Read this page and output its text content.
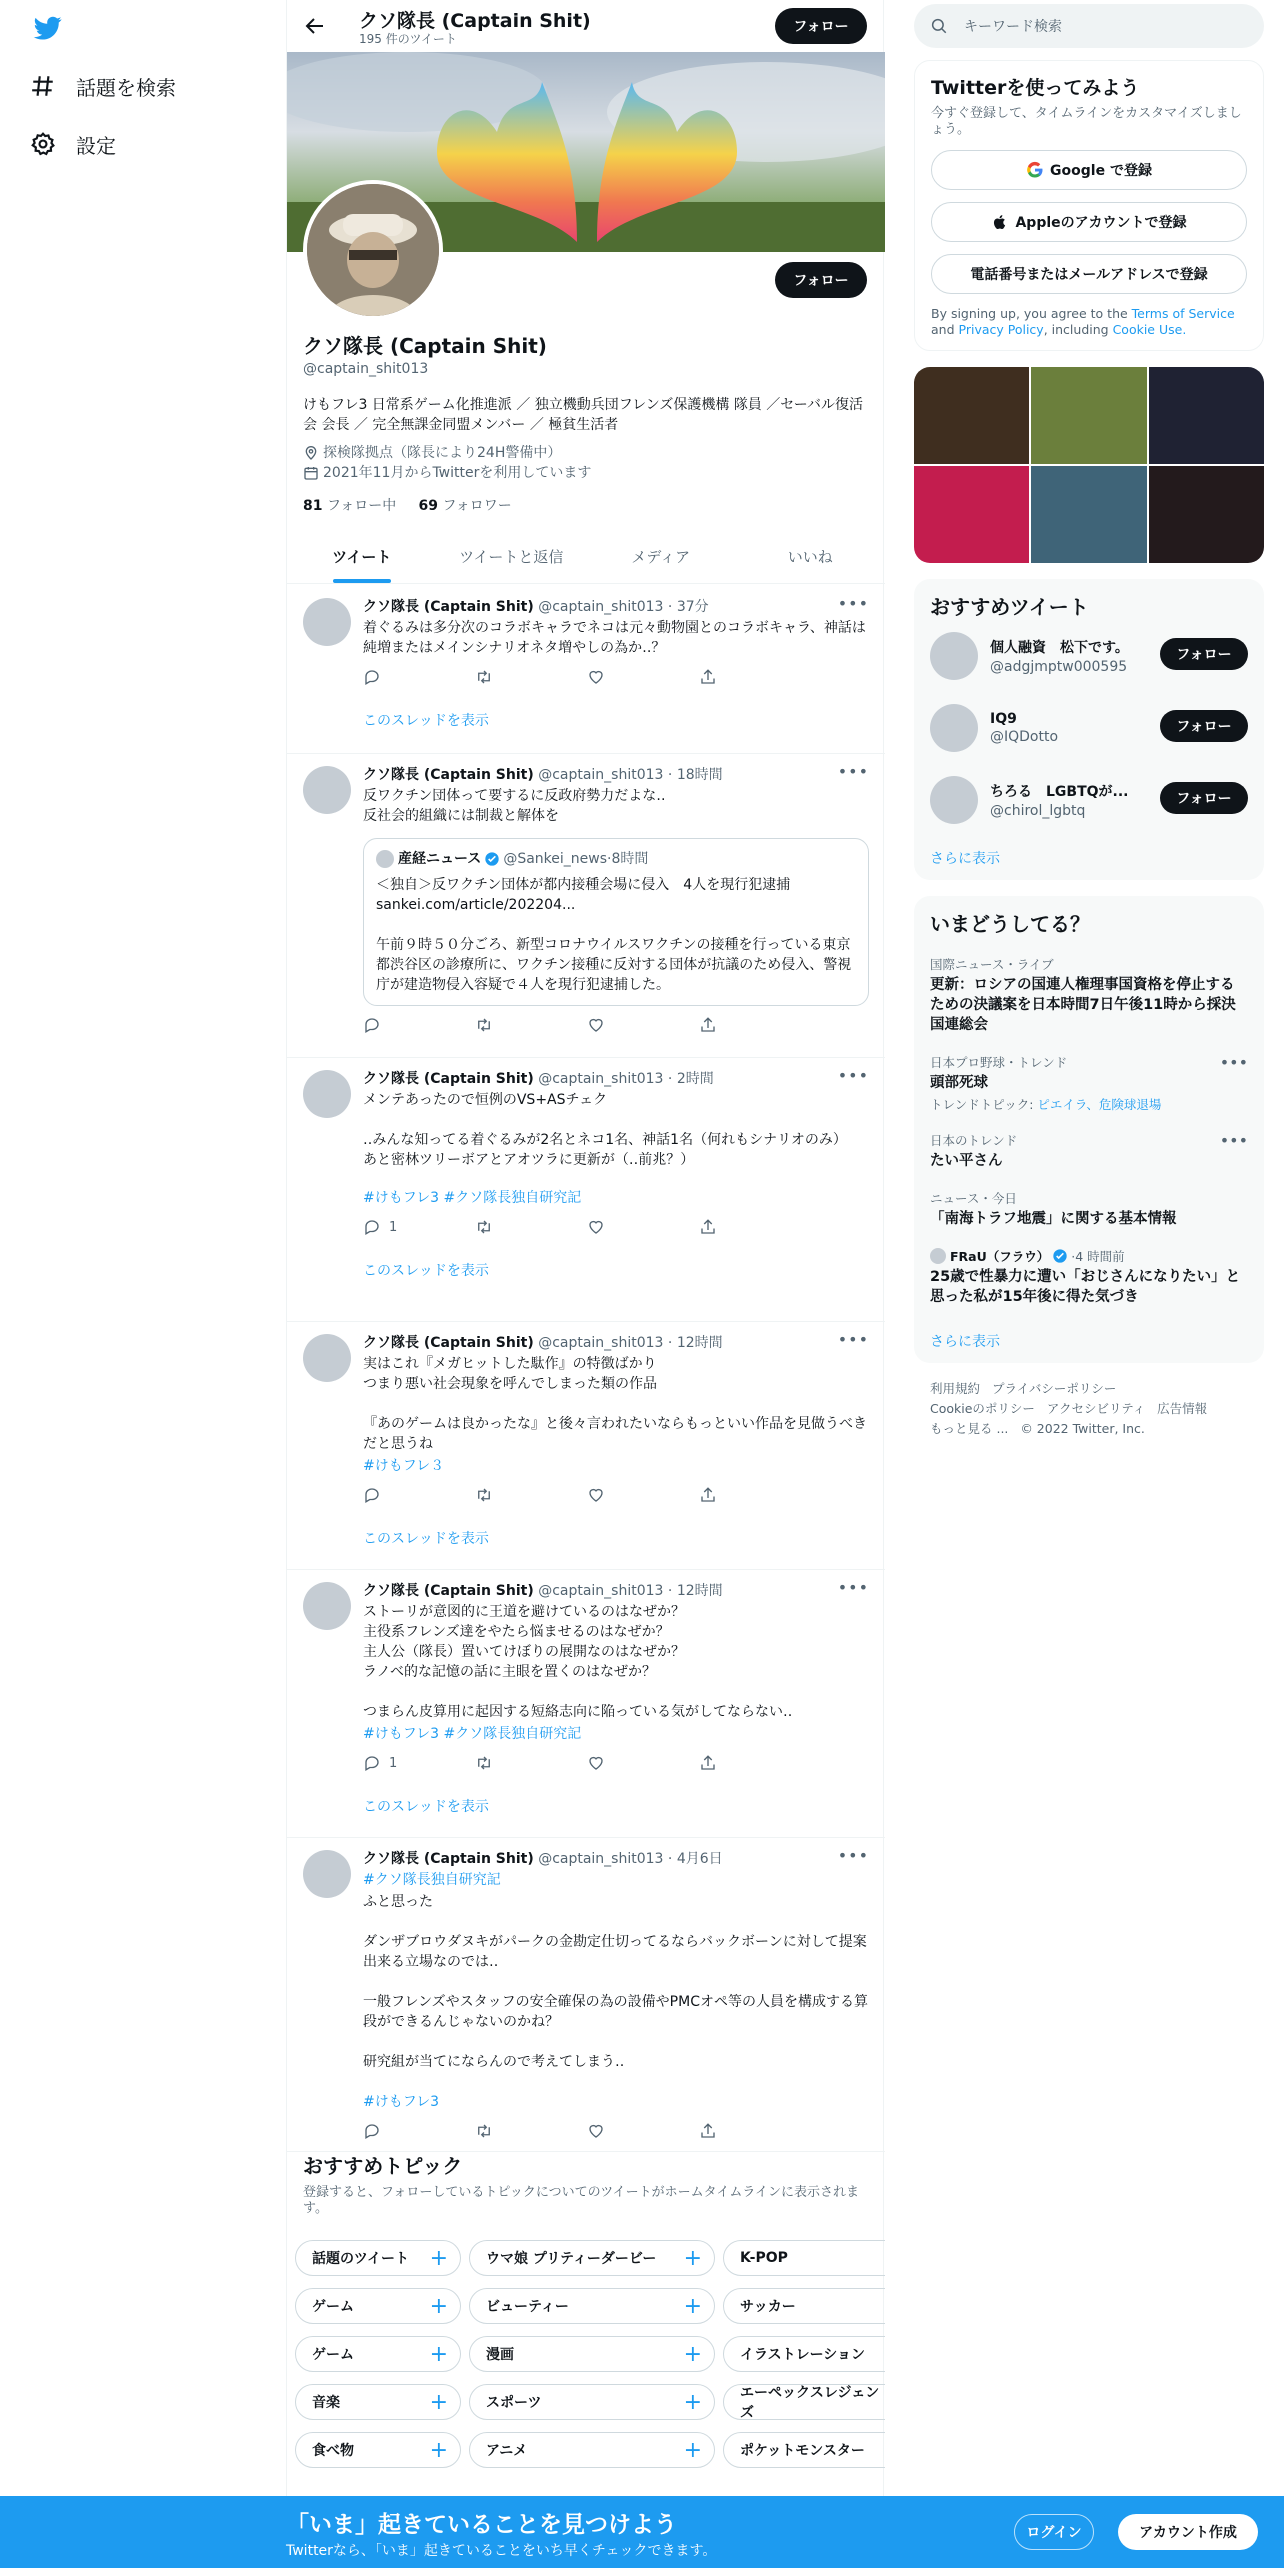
話題を検索
設定
クソ隊長 (Captain Shit)
195 件のツイート
フォロー
フォロー
クソ隊長 (Captain Shit)
@captain_shit013
けもフレ3 日常系ゲーム化推進派 ／ 独立機動兵団フレンズ保護機構 隊員 ／セーバル復活会 会長 ／ 完全無課金同盟メンバー ／ 極貧生活者
探検隊拠点（隊長により24H警備中）
2021年11月からTwitterを利用しています
81 フォロー中 69 フォロワー
ツイート	ツイートと返信	メディア	いいね
•••
クソ隊長 (Captain Shit) @captain_shit013 · 37分
着ぐるみは多分次のコラボキャラでネコは元々動物園とのコラボキャラ、神話は純増またはメインシナリオネタ増やしの為か‥？
このスレッドを表示
•••
クソ隊長 (Captain Shit) @captain_shit013 · 18時間
反ワクチン団体って要するに反政府勢力だよな‥
反社会的組織には制裁と解体を
産経ニュース @Sankei_news · 8時間
＜独自＞反ワクチン団体が都内接種会場に侵入　4人を現行犯逮捕
sankei.com/article/202204...

午前９時５０分ごろ、新型コロナウイルスワクチンの接種を行っている東京都渋谷区の診療所に、ワクチン接種に反対する団体が抗議のため侵入、警視庁が建造物侵入容疑で４人を現行犯逮捕した。
•••
クソ隊長 (Captain Shit) @captain_shit013 · 2時間
メンテあったので恒例のVS+ASチェク

‥みんな知ってる着ぐるみが2名とネコ1名、神話1名（何れもシナリオのみ）
あと密林ツリーボアとアオツラに更新が（‥前兆？）
#けもフレ3 #クソ隊長独自研究記
1
このスレッドを表示
•••
クソ隊長 (Captain Shit) @captain_shit013 · 12時間
実はこれ『メガヒットした駄作』の特徴ばかり
つまり悪い社会現象を呼んでしまった類の作品

『あのゲームは良かったな』と後々言われたいならもっといい作品を見做うべきだと思うね
#けもフレ３
このスレッドを表示
•••
クソ隊長 (Captain Shit) @captain_shit013 · 12時間
ストーリが意図的に王道を避けているのはなぜか？
主役系フレンズ達をやたら悩ませるのはなぜか？
主人公（隊長）置いてけぼりの展開なのはなぜか？
ラノベ的な記憶の話に主眼を置くのはなぜか？

つまらん皮算用に起因する短絡志向に陥っている気がしてならない‥
#けもフレ3 #クソ隊長独自研究記
1
このスレッドを表示
•••
クソ隊長 (Captain Shit) @captain_shit013 · 4月6日
#クソ隊長独自研究記
ふと思った

ダンザブロウダヌキがパークの金勘定仕切ってるならバックボーンに対して提案出来る立場なのでは‥

一般フレンズやスタッフの安全確保の為の設備やPMCオペ等の人員を構成する算段ができるんじゃないのかね？

研究組が当てにならんので考えてしまう‥
#けもフレ3
おすすめトピック

登録すると、フォローしているトピックについてのツイートがホームタイムラインに表示されます。

話題のツイート +	ウマ娘 プリティーダービー +	K-POP
ゲーム	+	ビューティー	+	サッカー
ゲーム	+	漫画	+	イラストレーション
音楽	+	スポーツ	+	エーペックスレジェンズ
食べ物	+	アニメ	+	ポケットモンスター
キーワード検索
Twitterを使ってみよう
今すぐ登録して、タイムラインをカスタマイズしましょう。
Google で登録
Appleのアカウントで登録
電話番号またはメールアドレスで登録
By signing up, you agree to the Terms of Service and Privacy Policy, including Cookie Use.
おすすめツイート
個人融資　松下です。
@adgjmptw000595
フォロー
IQ9
@IQDotto
フォロー
ちろる　LGBTQが...
@chirol_lgbtq
フォロー
さらに表示
いまどうしてる？
国際ニュース・ライブ
更新：ロシアの国連人権理事国資格を停止するための決議案を日本時間7日午後11時から採決 国連総会
•••
日本プロ野球・トレンド
頭部死球
トレンドトピック: ピエイラ、危険球退場
•••
日本のトレンド
たい平さん
ニュース・今日
「南海トラフ地震」に関する基本情報
FRaU（フラウ） · 4 時間前
25歳で性暴力に遭い「おじさんになりたい」と思った私が15年後に得た気づき
さらに表示
利用規約 プライバシーポリシー
Cookieのポリシー アクセシビリティ 広告情報
もっと見る ... © 2022 Twitter, Inc.
「いま」起きていることを見つけよう
Twitterなら、「いま」起きていることをいち早くチェックできます。
ログイン	アカウント作成
